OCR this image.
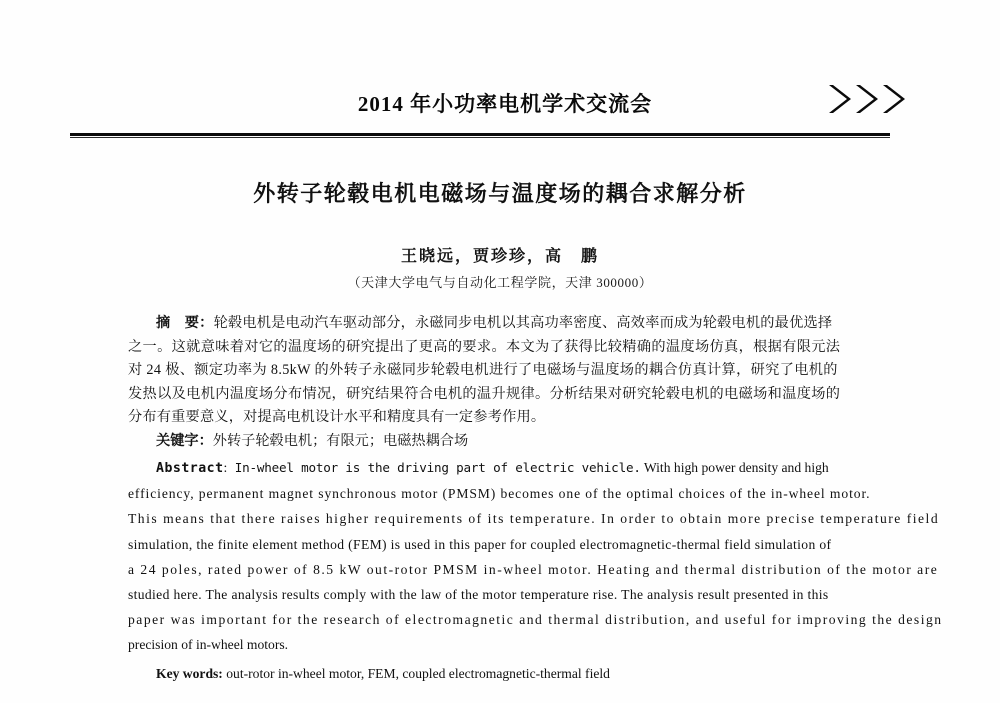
2014 年小功率电机学术交流会
外转子轮毂电机电磁场与温度场的耦合求解分析
王晓远，贾珍珍，高　鹏
（天津大学电气与自动化工程学院，天津 300000）
摘　要：轮毂电机是电动汽车驱动部分，永磁同步电机以其高功率密度、高效率而成为轮毂电机的最优选择
之一。这就意味着对它的温度场的研究提出了更高的要求。本文为了获得比较精确的温度场仿真，根据有限元法
对 24 极、额定功率为 8.5kW 的外转子永磁同步轮毂电机进行了电磁场与温度场的耦合仿真计算，研究了电机的
发热以及电机内温度场分布情况，研究结果符合电机的温升规律。分析结果对研究轮毂电机的电磁场和温度场的
分布有重要意义，对提高电机设计水平和精度具有一定参考作用。
关键字：外转子轮毂电机；有限元；电磁热耦合场
Abstract: In-wheel motor is the driving part of electric vehicle. With high power density and high
efficiency, permanent magnet synchronous motor (PMSM) becomes one of the optimal choices of the in-wheel motor.
This means that there raises higher requirements of its temperature. In order to obtain more precise temperature field
simulation, the finite element method (FEM) is used in this paper for coupled electromagnetic-thermal field simulation of
a 24 poles, rated power of 8.5 kW out-rotor PMSM in-wheel motor. Heating and thermal distribution of the motor are
studied here. The analysis results comply with the law of the motor temperature rise. The analysis result presented in this
paper was important for the research of electromagnetic and thermal distribution, and useful for improving the design
precision of in-wheel motors.
Key words: out-rotor in-wheel motor, FEM, coupled electromagnetic-thermal field
